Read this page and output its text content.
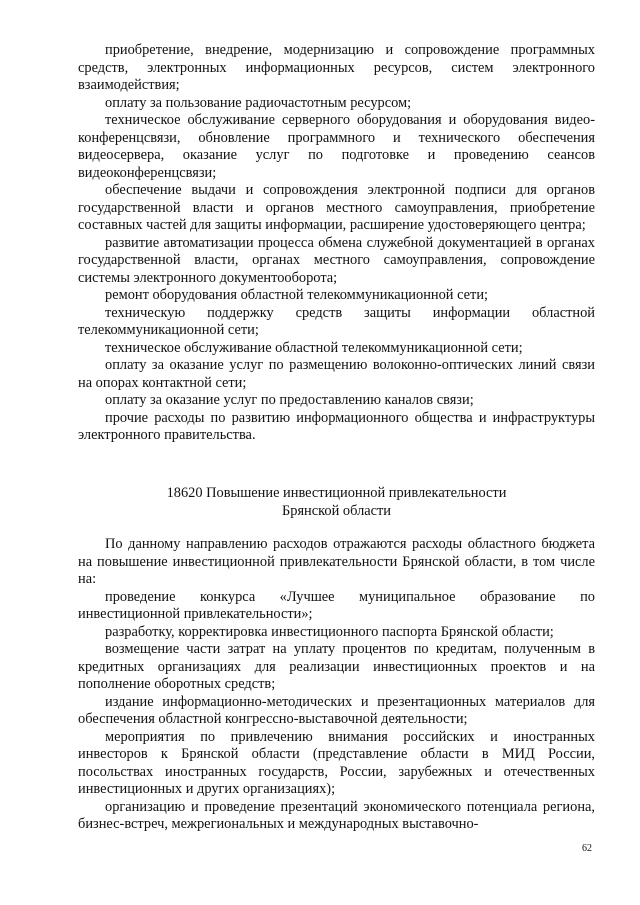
приобретение, внедрение, модернизацию и сопровождение программных средств, электронных информационных ресурсов, систем электронного взаимодействия;

оплату за пользование радиочастотным ресурсом;

техническое обслуживание серверного оборудования и оборудования видео-конференцсвязи, обновление программного и технического обеспечения видеосервера, оказание услуг по подготовке и проведению сеансов видеоконференцсвязи;

обеспечение выдачи и сопровождения электронной подписи для органов государственной власти и органов местного самоуправления, приобретение составных частей для защиты информации, расширение удостоверяющего центра;

развитие автоматизации процесса обмена служебной документацией в органах государственной власти, органах местного самоуправления, сопровождение системы электронного документооборота;

ремонт оборудования областной телекоммуникационной сети;

техническую поддержку средств защиты информации областной телекоммуникационной сети;

техническое обслуживание областной телекоммуникационной сети;

оплату за оказание услуг по размещению волоконно-оптических линий связи на опорах контактной сети;

оплату за оказание услуг по предоставлению каналов связи;

прочие расходы по развитию информационного общества и инфраструктуры электронного правительства.

18620 Повышение инвестиционной привлекательности
Брянской области

По данному направлению расходов отражаются расходы областного бюджета на повышение инвестиционной привлекательности Брянской области, в том числе на:

проведение конкурса «Лучшее муниципальное образование по инвестиционной привлекательности»;

разработку, корректировка инвестиционного паспорта Брянской области;

возмещение части затрат на уплату процентов по кредитам, полученным в кредитных организациях для реализации инвестиционных проектов и на пополнение оборотных средств;

издание информационно-методических и презентационных материалов для обеспечения областной конгрессно-выставочной деятельности;

мероприятия по привлечению внимания российских и иностранных инвесторов к Брянской области (представление области в МИД России, посольствах иностранных государств, России, зарубежных и отечественных инвестиционных и других организациях);

организацию и проведение презентаций экономического потенциала региона, бизнес-встреч, межрегиональных и международных выставочно-

62
